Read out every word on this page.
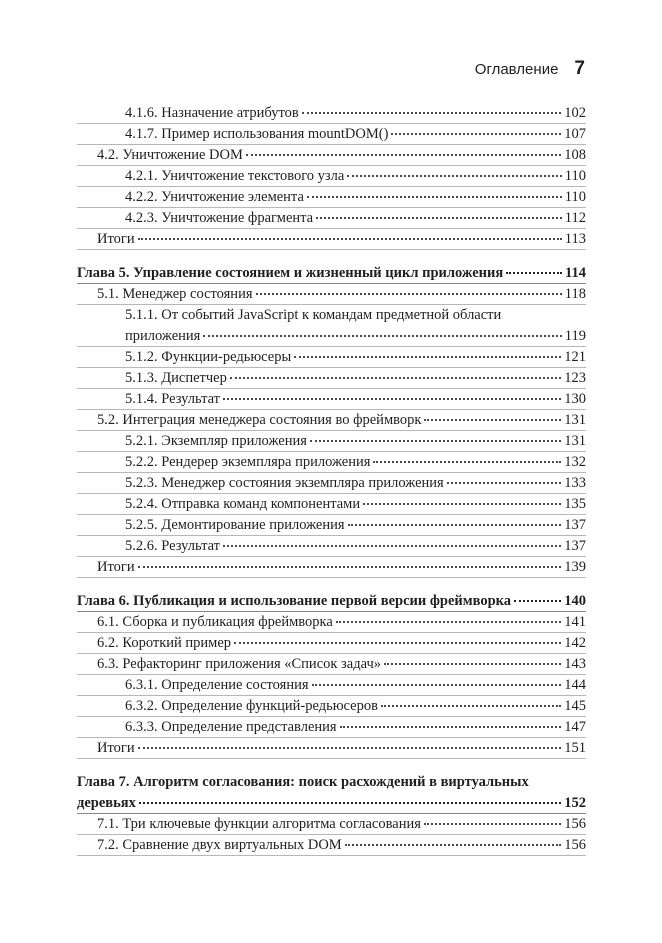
Оглавление 7
4.1.6. Назначение атрибутов	102
4.1.7. Пример использования mountDOM()	107
4.2. Уничтожение DOM	108
4.2.1. Уничтожение текстового узла	110
4.2.2. Уничтожение элемента	110
4.2.3. Уничтожение фрагмента	112
Итоги	113
Глава 5. Управление состоянием и жизненный цикл приложения	114
5.1. Менеджер состояния	118
5.1.1. От событий JavaScript к командам предметной области
приложения	119
5.1.2. Функции-редьюсеры	121
5.1.3. Диспетчер	123
5.1.4. Результат	130
5.2. Интеграция менеджера состояния во фреймворк	131
5.2.1. Экземпляр приложения	131
5.2.2. Рендерер экземпляра приложения	132
5.2.3. Менеджер состояния экземпляра приложения	133
5.2.4. Отправка команд компонентами	135
5.2.5. Демонтирование приложения	137
5.2.6. Результат	137
Итоги	139
Глава 6. Публикация и использование первой версии фреймворка	140
6.1. Сборка и публикация фреймворка	141
6.2. Короткий пример	142
6.3. Рефакторинг приложения «Список задач»	143
6.3.1. Определение состояния	144
6.3.2. Определение функций-редьюсеров	145
6.3.3. Определение представления	147
Итоги	151
Глава 7. Алгоритм согласования: поиск расхождений в виртуальных
деревьях	152
7.1. Три ключевые функции алгоритма согласования	156
7.2. Сравнение двух виртуальных DOM	156
